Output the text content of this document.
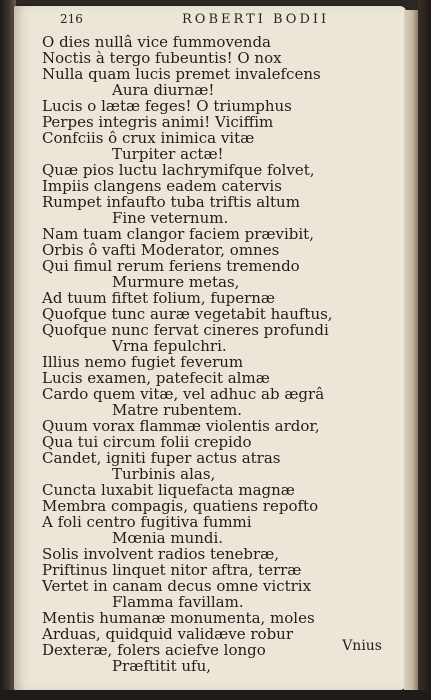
216	ROBERTI BODII
O dies nullâ vice fummovenda
Noctis à tergo fubeuntis! O nox
Nulla quam lucis premet invalefcens
Aura diurnæ!
Lucis o lætæ feges! O triumphus
Perpes integris animi! Viciffim
Confciis ô crux inimica vitæ
Turpiter actæ!
Quæ pios luctu lachrymifque folvet,
Impiis clangens eadem catervis
Rumpet infaufto tuba triftis altum
Fine veternum.
Nam tuam clangor faciem prævibit,
Orbis ô vafti Moderator, omnes
Qui fimul rerum feriens tremendo
Murmure metas,
Ad tuum fiftet folium, fupernæ
Quofque tunc auræ vegetabit hauftus,
Quofque nunc fervat cineres profundi
Vrna fepulchri.
Illius nemo fugiet feverum
Lucis examen, patefecit almæ
Cardo quem vitæ, vel adhuc ab ægrâ
Matre rubentem.
Quum vorax flammæ violentis ardor,
Qua tui circum folii crepido
Candet, igniti fuper actus atras
Turbinis alas,
Cuncta luxabit liquefacta magnæ
Membra compagis, quatiens repofto
A foli centro fugitiva fummi
Mœnia mundi.
Solis involvent radios tenebræ,
Priftinus linquet nitor aftra, terræ
Vertet in canam decus omne victrix
Flamma favillam.
Mentis humanæ monumenta, moles
Arduas, quidquid validæve robur
Dexteræ, folers aciefve longo
Præftitit ufu,
Vnius
